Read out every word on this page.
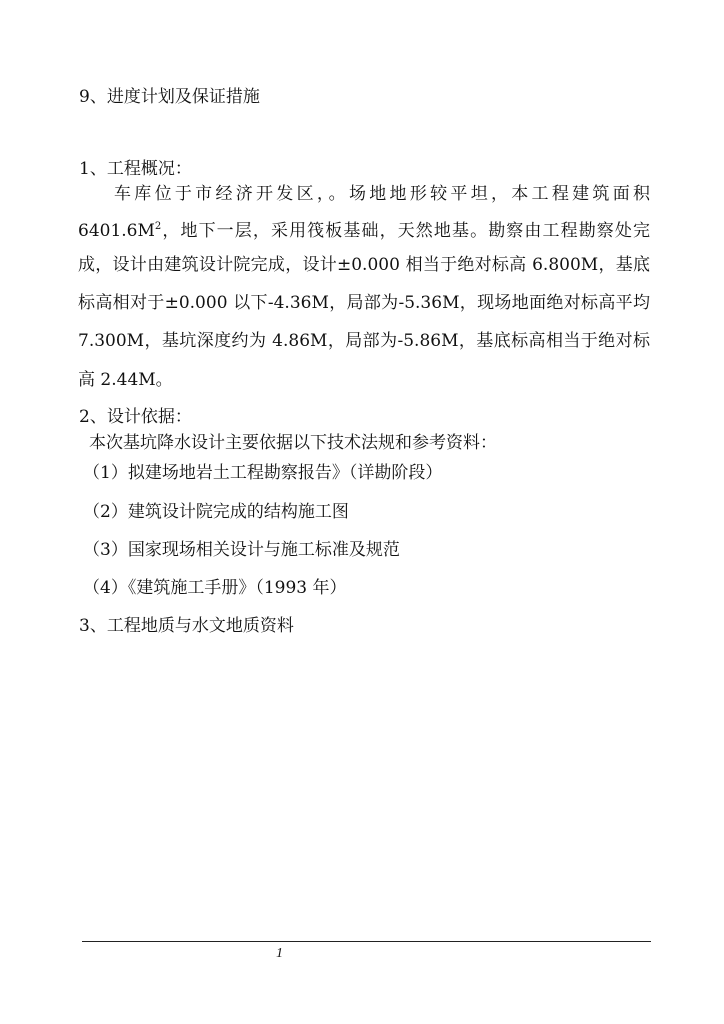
9、进度计划及保证措施
1、工程概况：
车库位于市经济开发区，。场地地形较平坦，本工程建筑面积
$6401.6M^2$，地下一层，采用筏板基础，天然地基。勘察由工程勘察处完
成，设计由建筑设计院完成，设计±0.000 相当于绝对标高 6.800M，基底
标高相对于±0.000 以下-4.36M，局部为-5.36M，现场地面绝对标高平均
7.300M，基坑深度约为 4.86M，局部为-5.86M，基底标高相当于绝对标
高 2.44M。
2、设计依据：
本次基坑降水设计主要依据以下技术法规和参考资料：
（1）拟建场地岩土工程勘察报告》（详勘阶段）
（2）建筑设计院完成的结构施工图
（3）国家现场相关设计与施工标准及规范
（4）《建筑施工手册》（1993 年）
3、工程地质与水文地质资料
1
